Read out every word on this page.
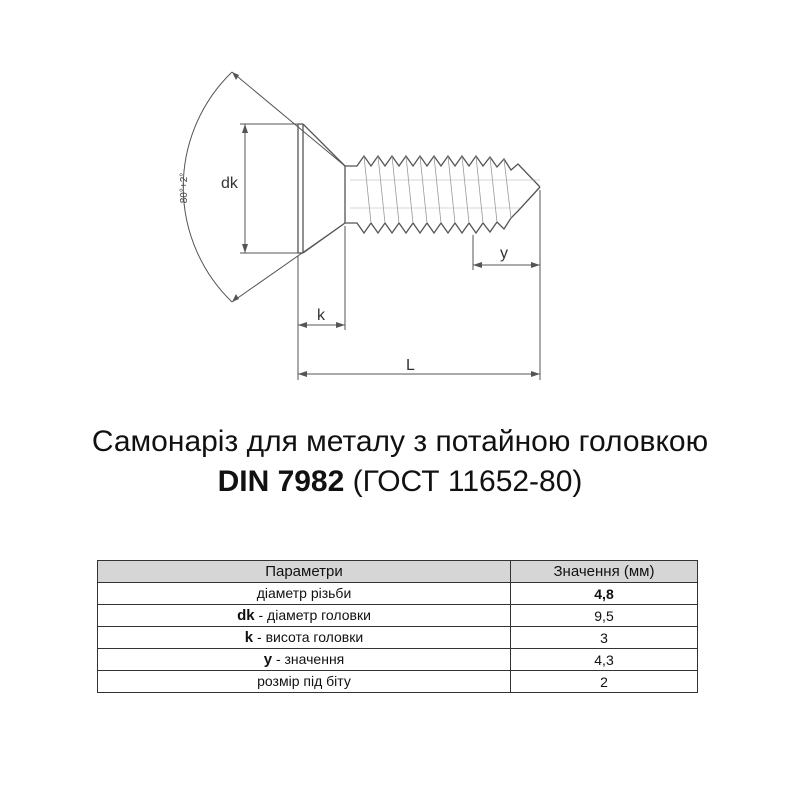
80°+2° dk
k
y
L
Самонаріз для металу з потайною головкою
DIN 7982 (ГОСТ 11652-80)
Параметри	Значення (мм)
діаметр різьби	4,8
dk - діаметр головки	9,5
k - висота головки	3
y - значення	4,3
розмір під біту	2
